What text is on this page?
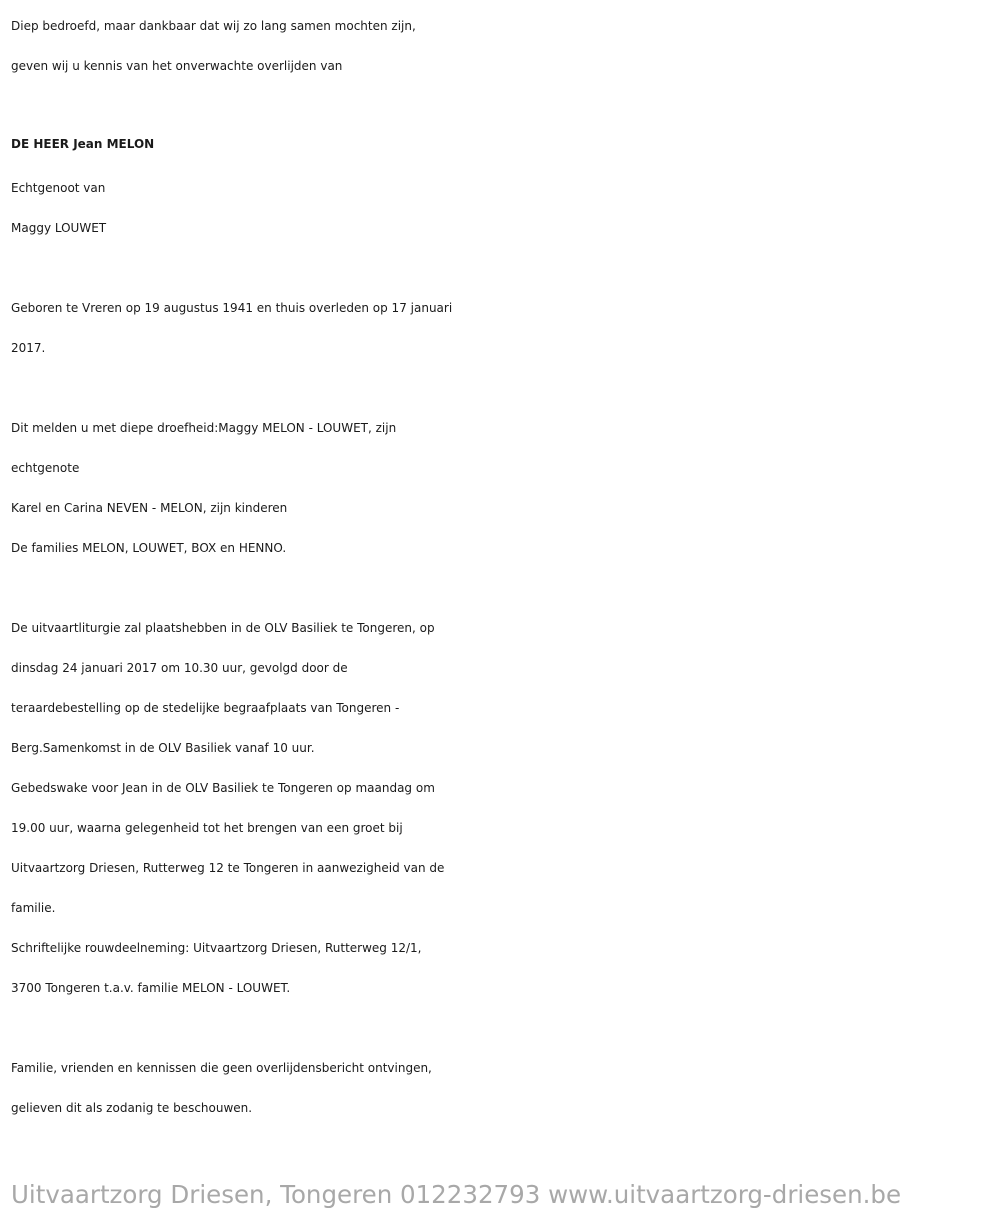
Diep bedroefd, maar dankbaar dat wij zo lang samen mochten zijn,
geven wij u kennis van het onverwachte overlijden van
DE HEER Jean MELON
Echtgenoot van
Maggy LOUWET
Geboren te Vreren op 19 augustus 1941 en thuis overleden op 17 januari
2017.
Dit melden u met diepe droefheid:Maggy MELON - LOUWET, zijn
echtgenote
Karel en Carina NEVEN - MELON, zijn kinderen
De families MELON, LOUWET, BOX en HENNO.
De uitvaartliturgie zal plaatshebben in de OLV Basiliek te Tongeren, op
dinsdag 24 januari 2017 om 10.30 uur, gevolgd door de
teraardebestelling op de stedelijke begraafplaats van Tongeren -
Berg.Samenkomst in de OLV Basiliek vanaf 10 uur.
Gebedswake voor Jean in de OLV Basiliek te Tongeren op maandag om
19.00 uur, waarna gelegenheid tot het brengen van een groet bij
Uitvaartzorg Driesen, Rutterweg 12 te Tongeren in aanwezigheid van de
familie.
Schriftelijke rouwdeelneming: Uitvaartzorg Driesen, Rutterweg 12/1,
3700 Tongeren t.a.v. familie MELON - LOUWET.
Familie, vrienden en kennissen die geen overlijdensbericht ontvingen,
gelieven dit als zodanig te beschouwen.
Uitvaartzorg Driesen, Tongeren 012232793 www.uitvaartzorg-driesen.be
